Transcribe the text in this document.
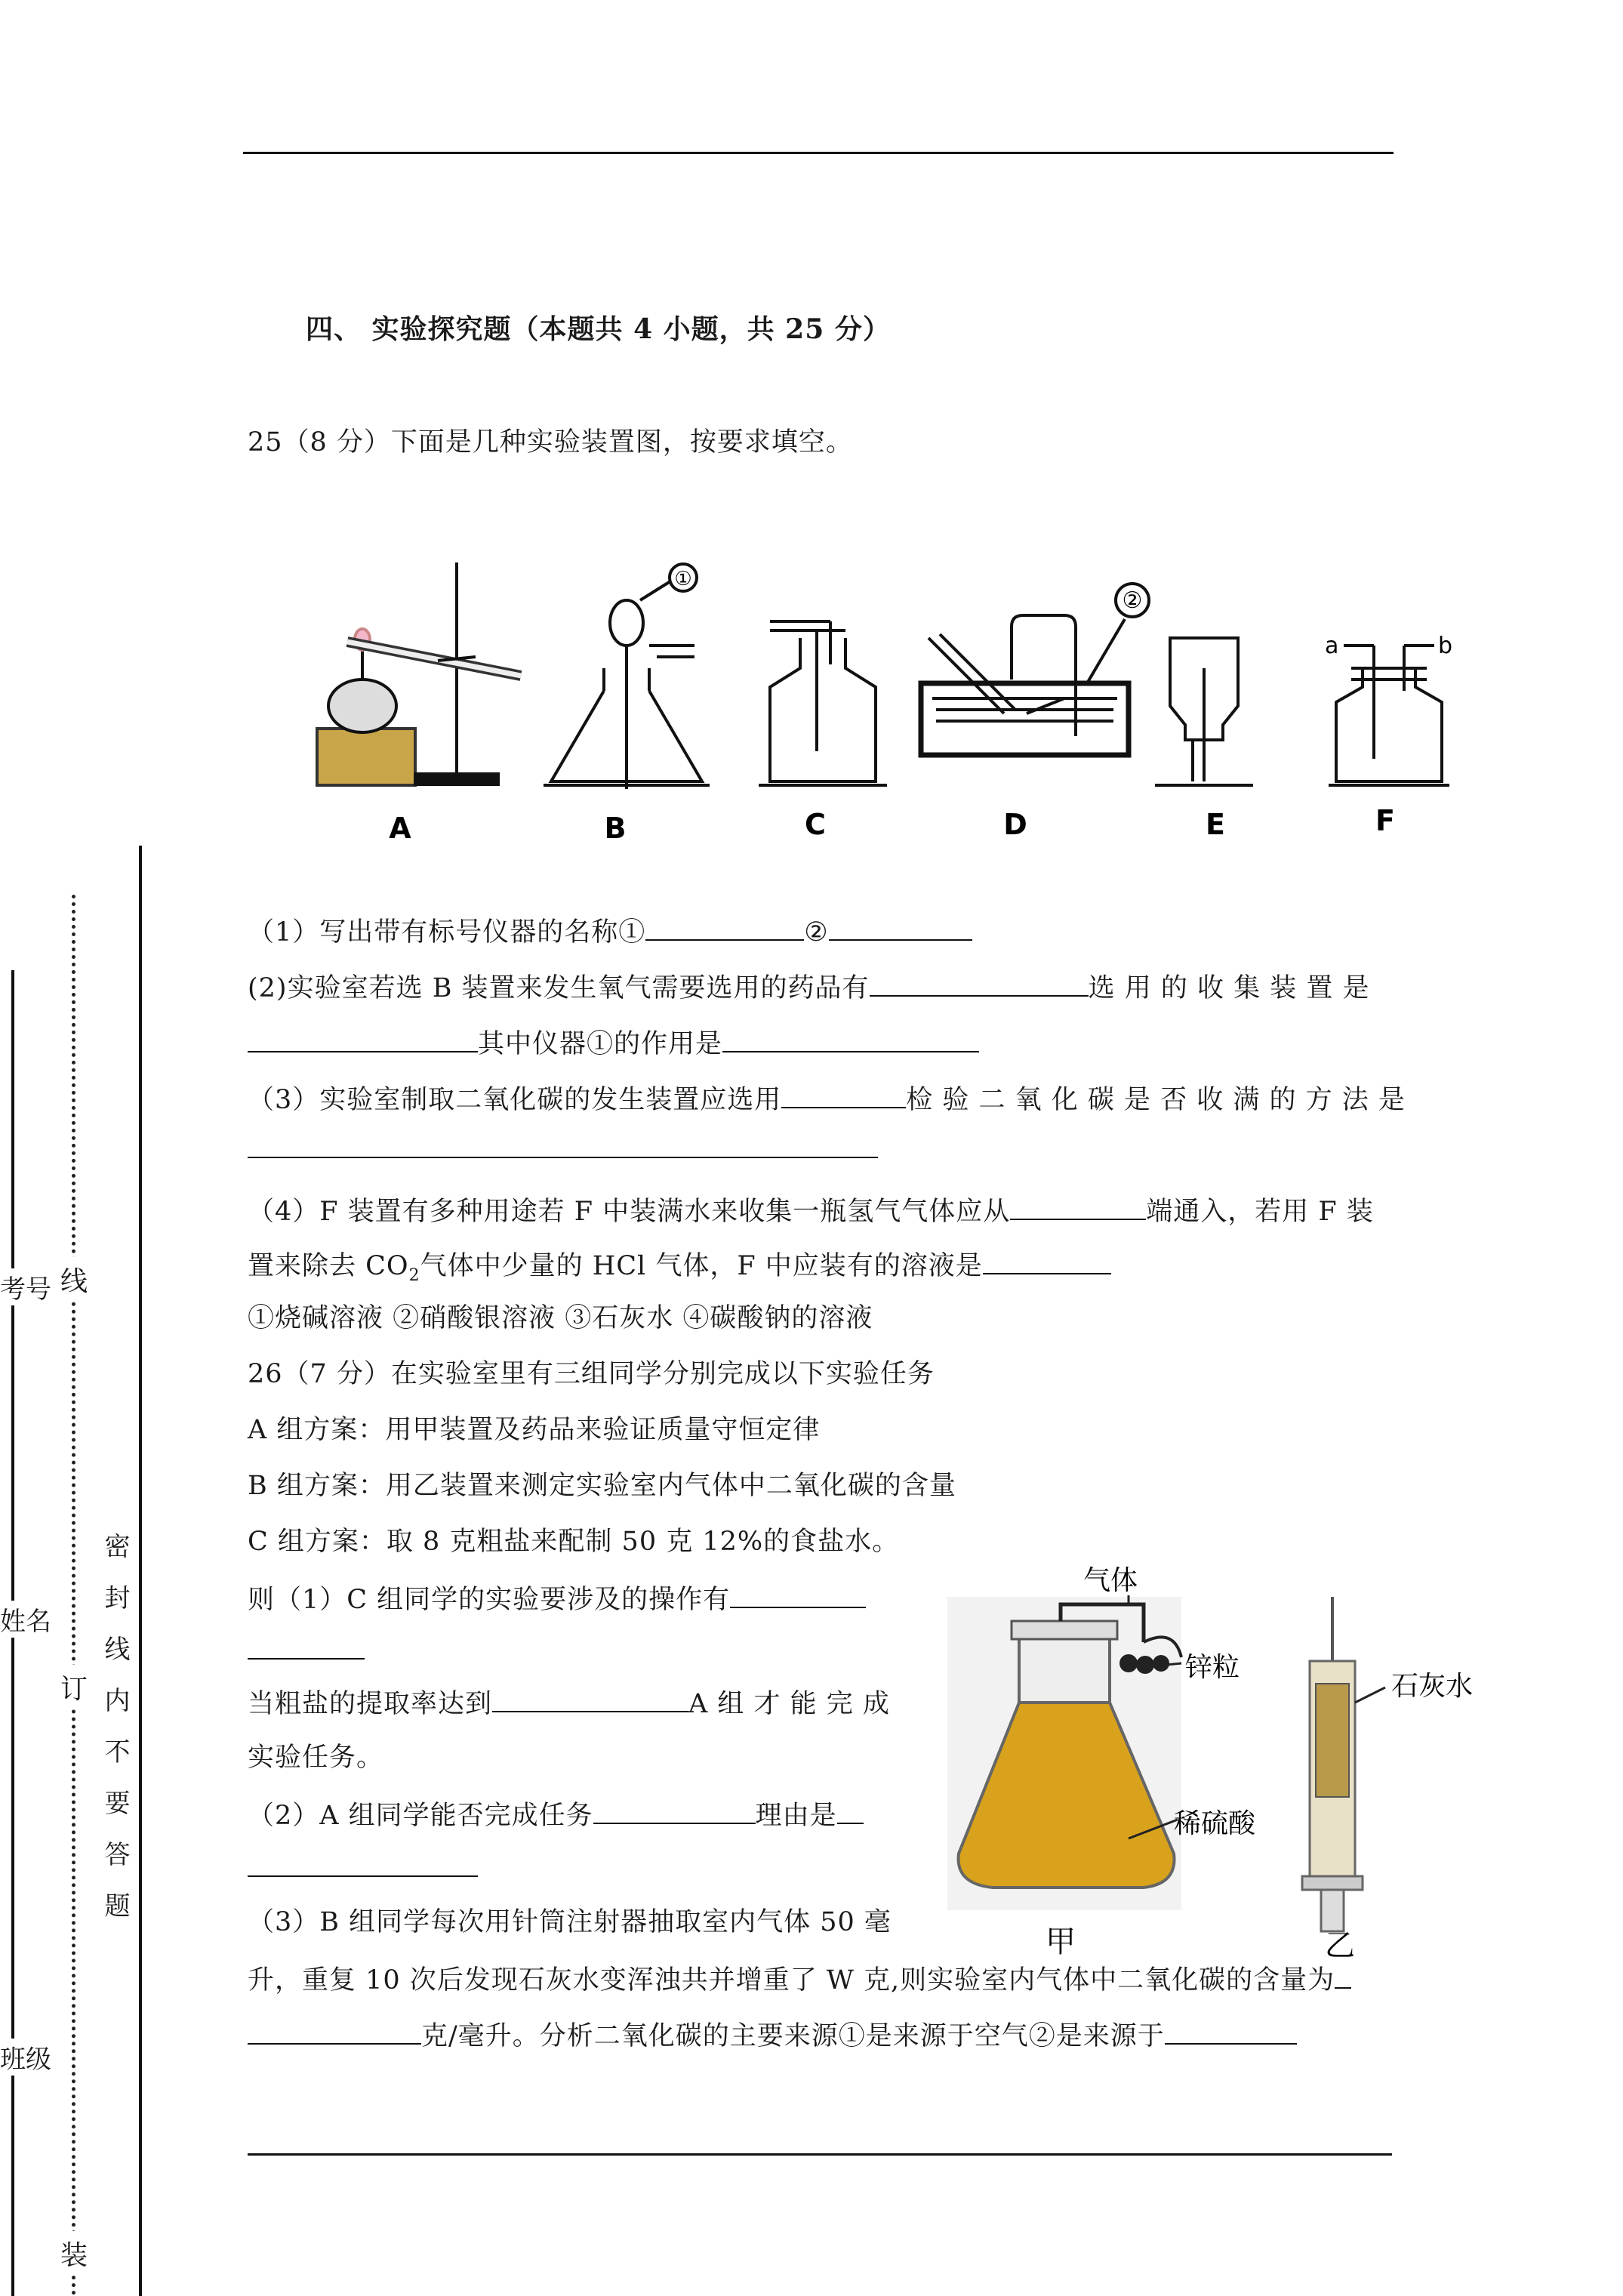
四、 实验探究题（本题共 4 小题，共 25 分）
25（8 分）下面是几种实验装置图，按要求填空。
①
②
a	b
A	B	C	D	E	F
（1）写出带有标号仪器的名称①	②
(2)实验室若选 B 装置来发生氧气需要选用的药品有	选 用 的 收 集 装 置 是
其中仪器①的作用是
（3）实验室制取二氧化碳的发生装置应选用	检 验 二 氧 化 碳 是 否 收 满 的 方 法 是
（4）F 装置有多种用途若 F 中装满水来收集一瓶氢气气体应从	端通入，若用 F 装
置来除去 $CO_2$气体中少量的 HCl 气体，F 中应装有的溶液是
①烧碱溶液 ②硝酸银溶液 ③石灰水 ④碳酸钠的溶液
26（7 分）在实验室里有三组同学分别完成以下实验任务
A 组方案：用甲装置及药品来验证质量守恒定律
B 组方案：用乙装置来测定实验室内气体中二氧化碳的含量
C 组方案：取 8 克粗盐来配制 50 克 12%的食盐水。
则（1）C 组同学的实验要涉及的操作有
当粗盐的提取率达到	A 组 才 能 完 成
实验任务。
（2）A 组同学能否完成任务	理由是
（3）B 组同学每次用针筒注射器抽取室内气体 50 毫
升，重复 10 次后发现石灰水变浑浊共并增重了 W 克,则实验室内气体中二氧化碳的含量为
克/毫升。分析二氧化碳的主要来源①是来源于空气②是来源于
气体
锌粒
稀硫酸
石灰水
甲	乙
线
订
装
密封线内不要答题
考号
姓名
班级
